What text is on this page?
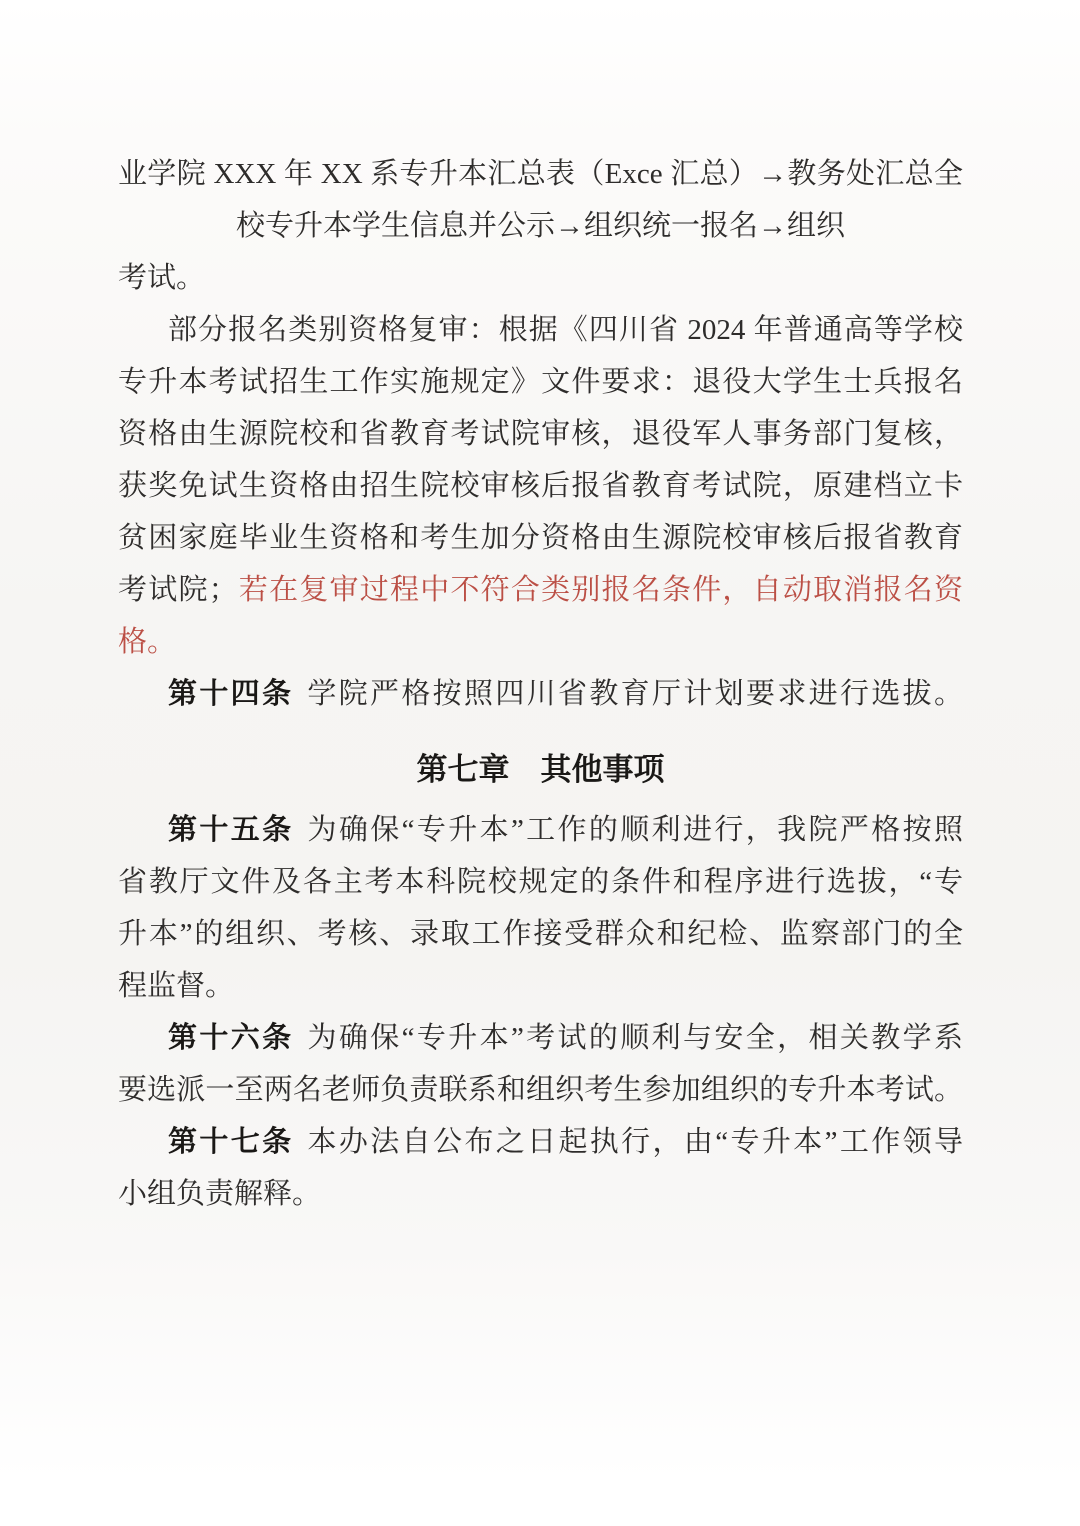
业学院 XXX 年 XX 系专升本汇总表（Exce 汇总）→教务处汇总全
校专升本学生信息并公示→组织统一报名→组织
考试。
部分报名类别资格复审：根据《四川省 2024 年普通高等学校
专升本考试招生工作实施规定》文件要求：退役大学生士兵报名
资格由生源院校和省教育考试院审核，退役军人事务部门复核，
获奖免试生资格由招生院校审核后报省教育考试院，原建档立卡
贫困家庭毕业生资格和考生加分资格由生源院校审核后报省教育
考试院；若在复审过程中不符合类别报名条件，自动取消报名资
格。
第十四条 学院严格按照四川省教育厅计划要求进行选拔。
第七章　其他事项
第十五条 为确保“专升本”工作的顺利进行，我院严格按照
省教厅文件及各主考本科院校规定的条件和程序进行选拔，“专
升本”的组织、考核、录取工作接受群众和纪检、监察部门的全
程监督。
第十六条 为确保“专升本”考试的顺利与安全，相关教学系
要选派一至两名老师负责联系和组织考生参加组织的专升本考试。
第十七条 本办法自公布之日起执行，由“专升本”工作领导
小组负责解释。
